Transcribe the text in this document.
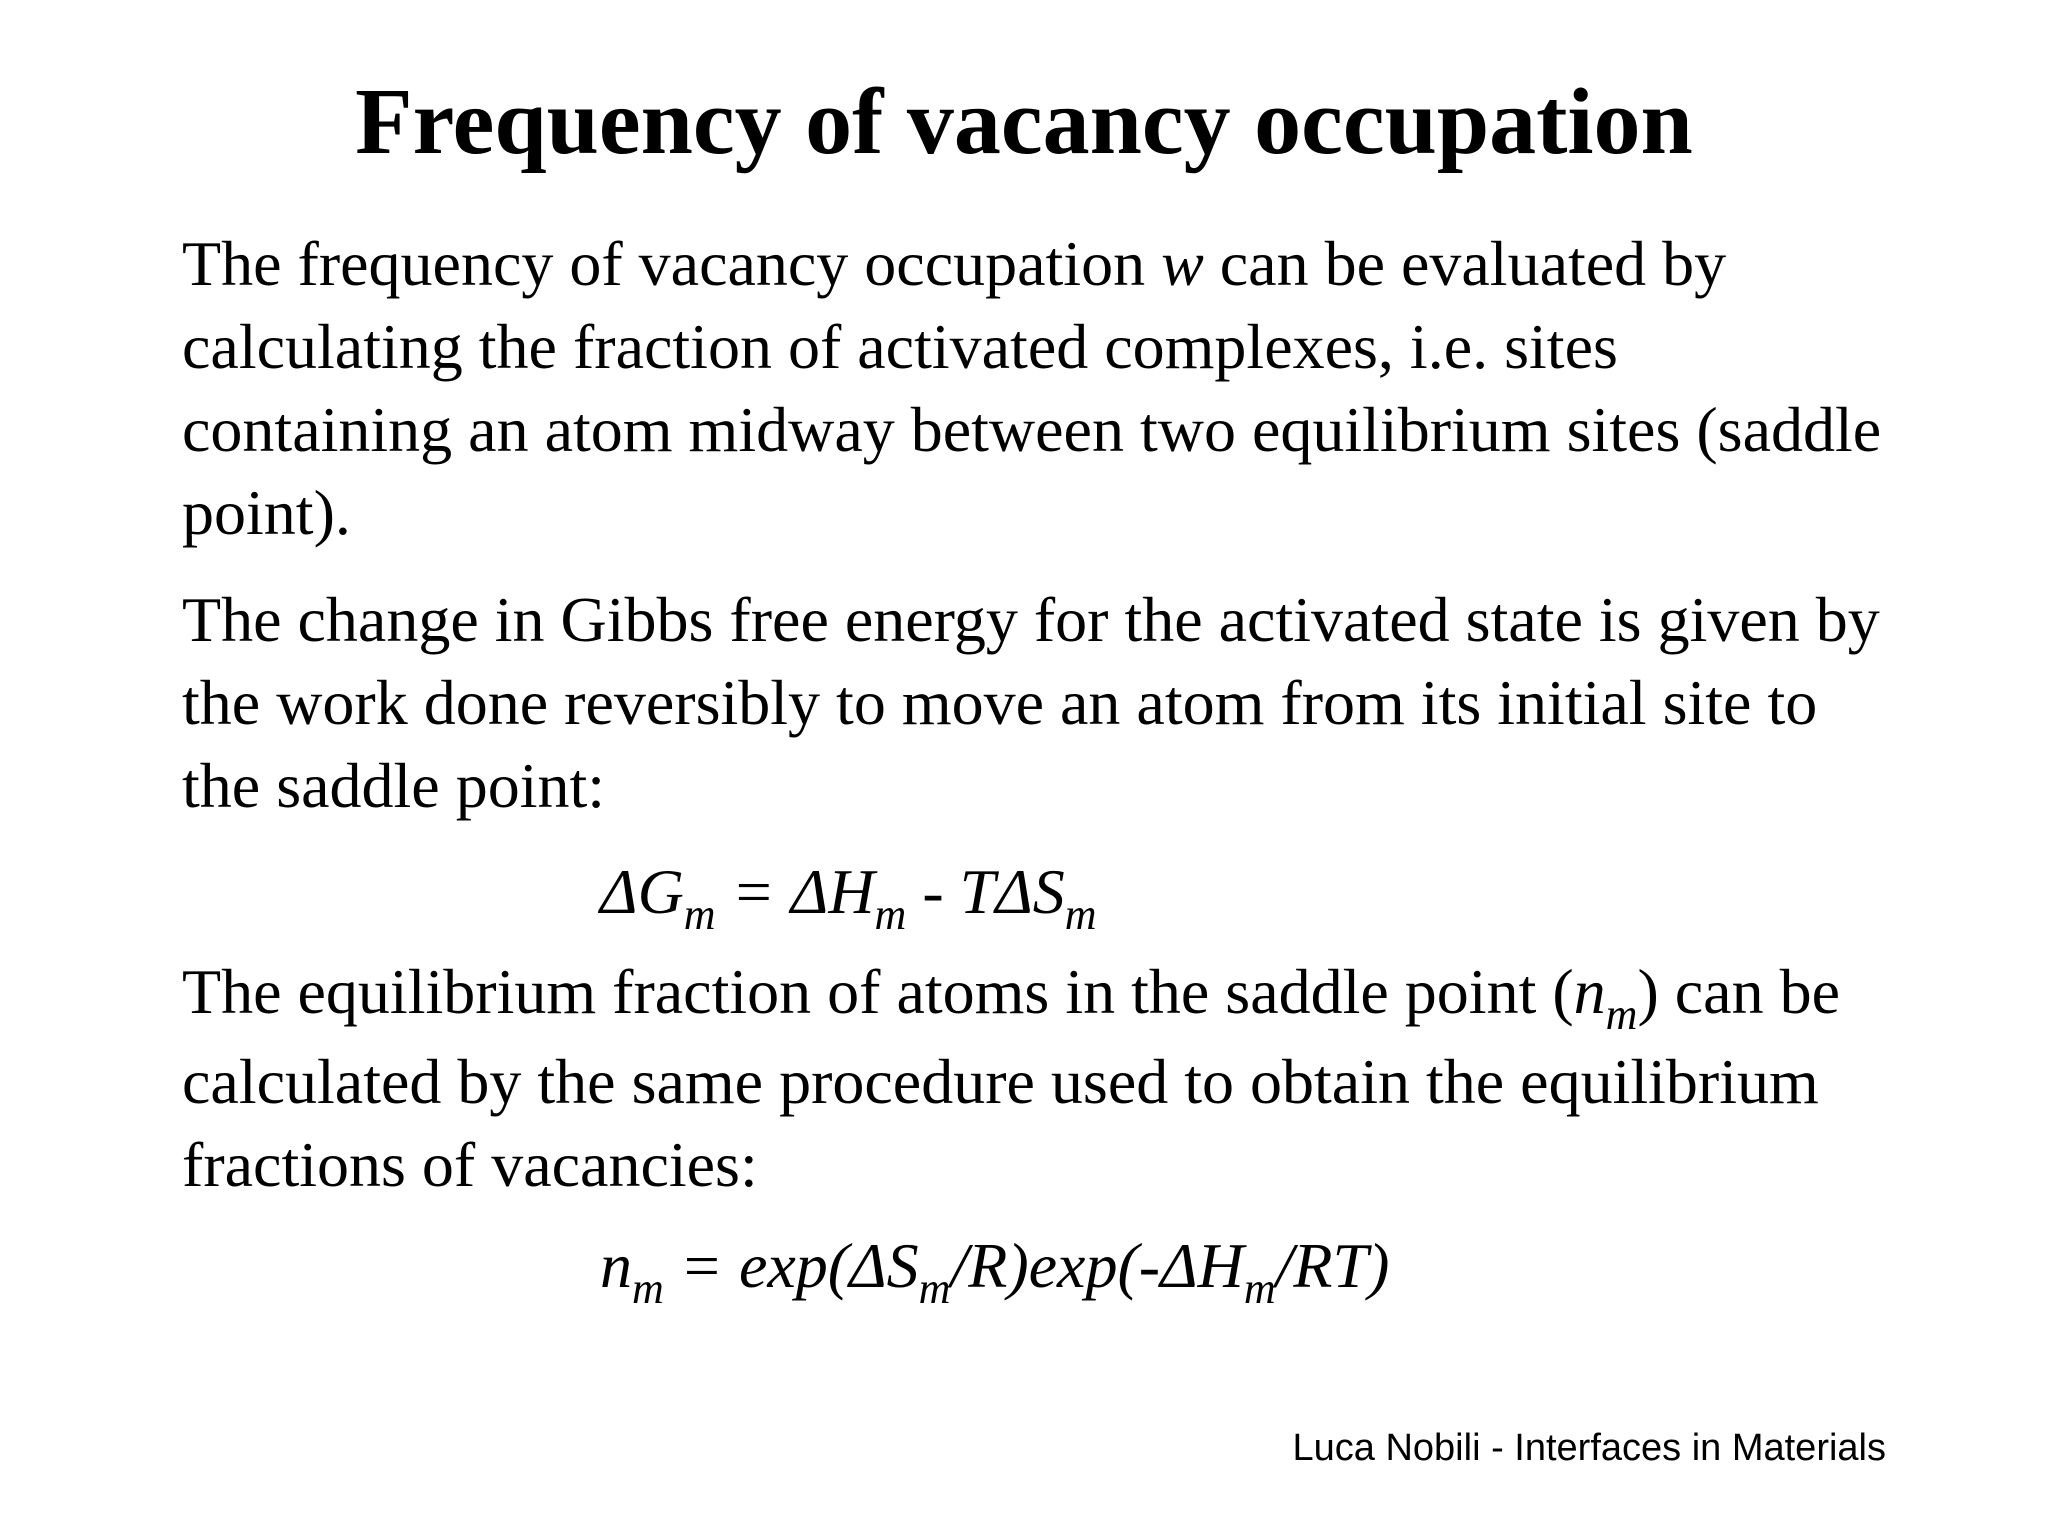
Frequency of vacancy occupation

The frequency of vacancy occupation w can be evaluated by calculating the fraction of activated complexes, i.e. sites containing an atom midway between two equilibrium sites (saddle point).

The change in Gibbs free energy for the activated state is given by the work done reversibly to move an atom from its initial site to the saddle point:

$\Delta G_m = \Delta H_m - T\Delta S_m$

The equilibrium fraction of atoms in the saddle point $(n_m)$ can be calculated by the same procedure used to obtain the equilibrium fractions of vacancies:

$n_m = \exp(\Delta S_m/R)\exp(-\Delta H_m/RT)$
Luca Nobili - Interfaces in Materials
